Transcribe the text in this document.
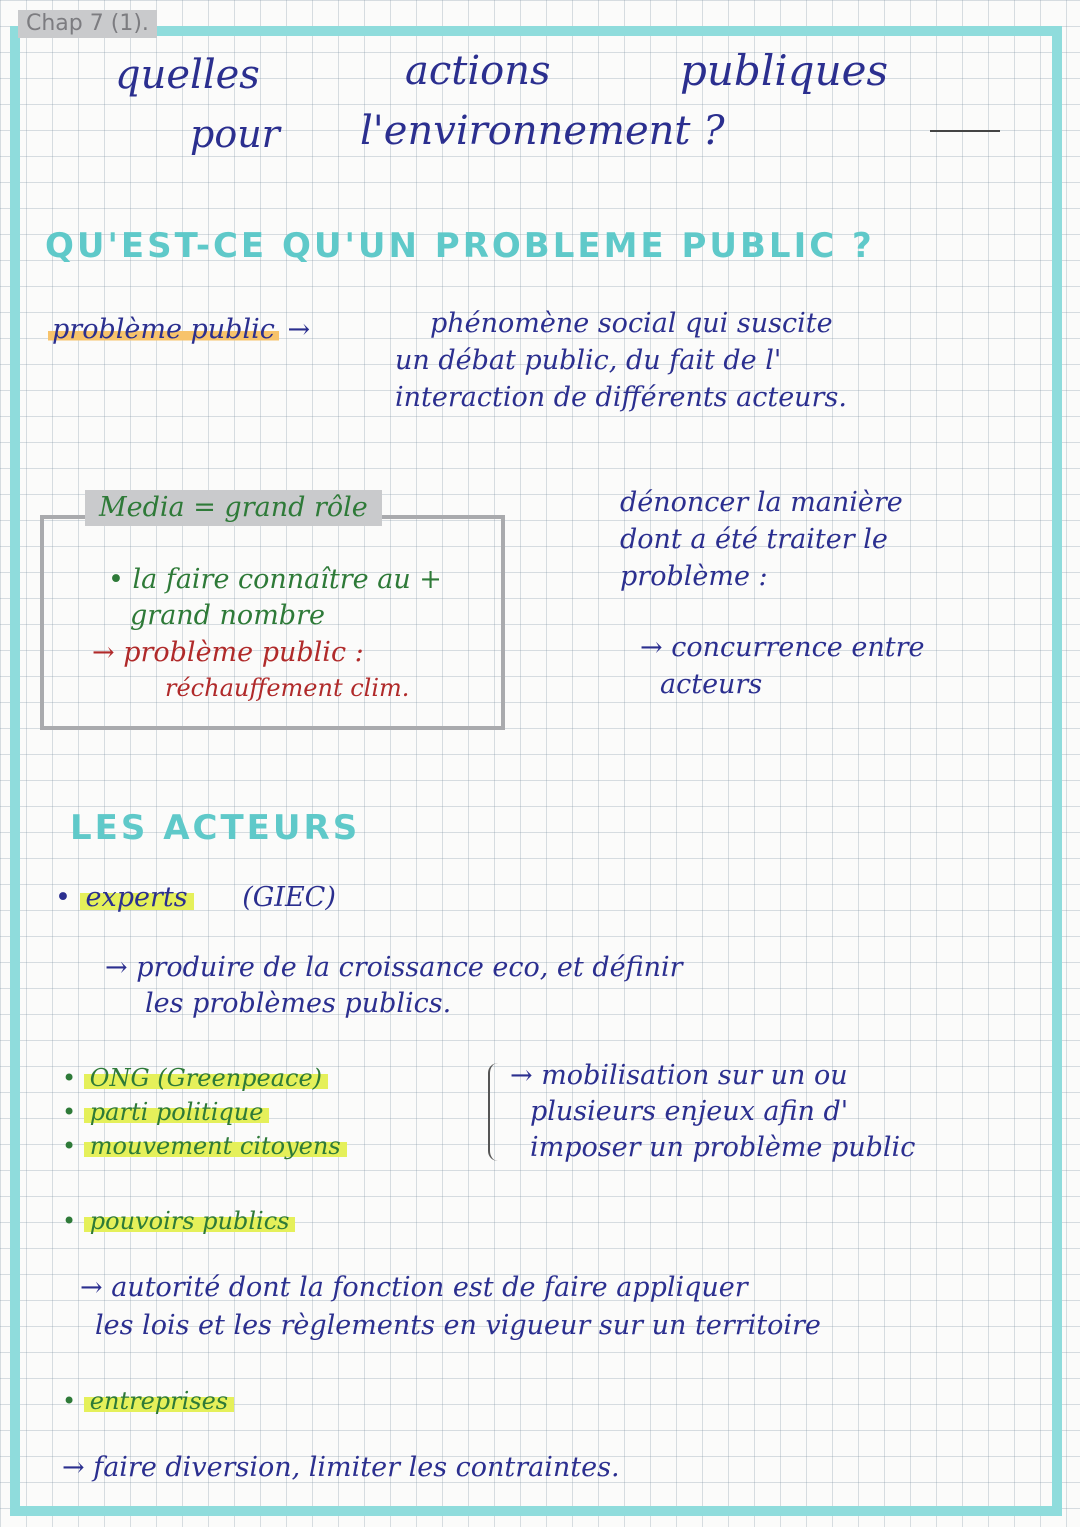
Chap 7 (1).
quelles	actions	publiques
pour l'environnement ?
QU'EST-CE QU'UN PROBLEME PUBLIC ?
problème public →	phénomène social qui suscite
un débat public, du fait de l'
interaction de différents acteurs.
Media = grand rôle
• la faire connaître au +
grand nombre
→ problème public :
réchauffement clim.
dénoncer la manière
dont a été traiter le
problème :
→ concurrence entre
acteurs
LES ACTEURS
• experts (GIEC)
→ produire de la croissance eco, et définir
les problèmes publics.
• ONG (Greenpeace)
• parti politique
• mouvement citoyens
→ mobilisation sur un ou
plusieurs enjeux afin d'
imposer un problème public
• pouvoirs publics
→ autorité dont la fonction est de faire appliquer
les lois et les règlements en vigueur sur un territoire
• entreprises
→ faire diversion, limiter les contraintes.
